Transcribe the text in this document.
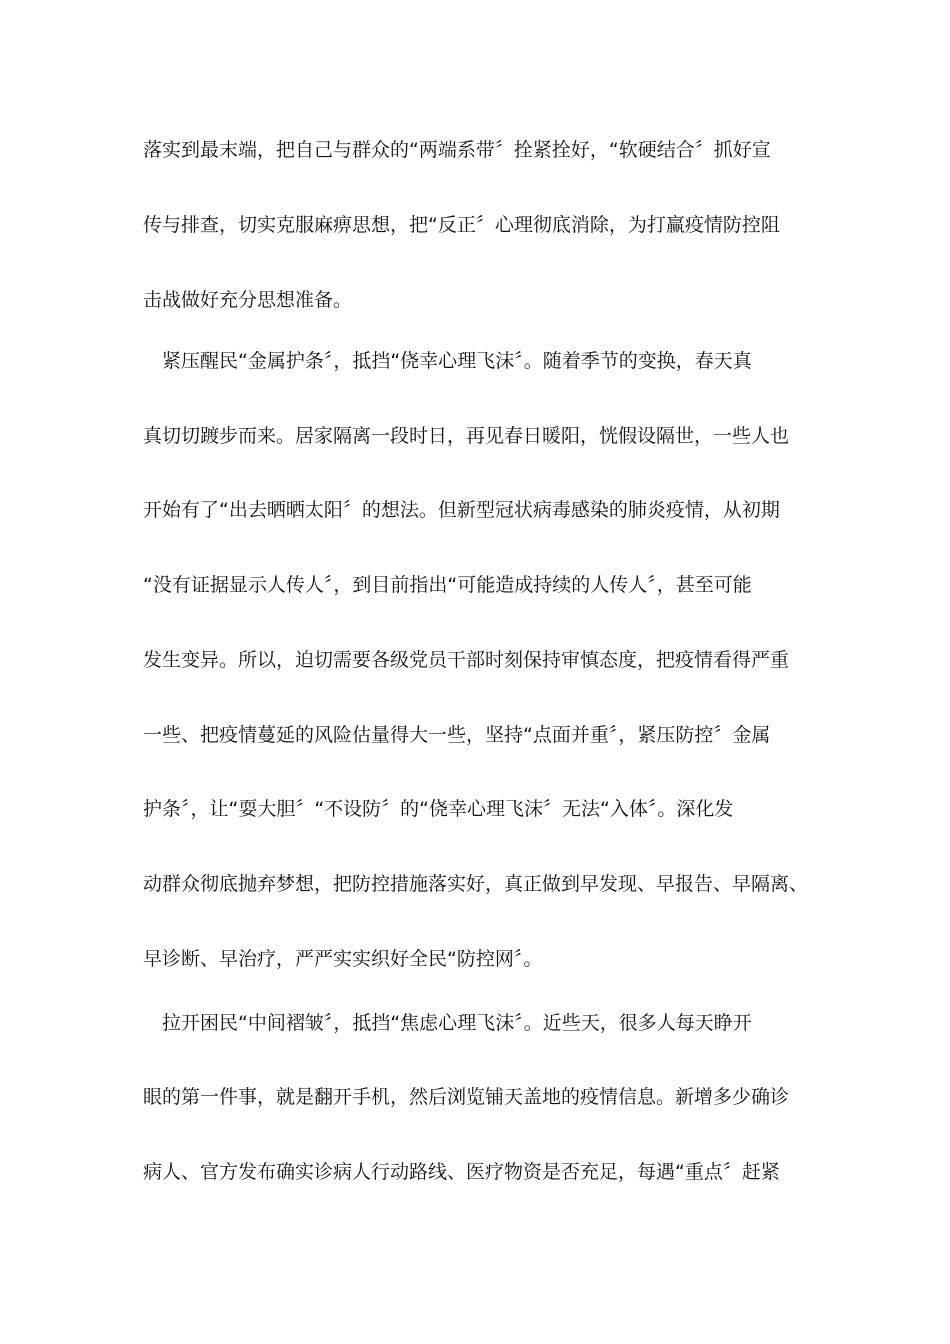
落实到最末端，把自己与群众的“两端系带〞拴紧拴好，“软硬结合〞抓好宣

传与排查，切实克服麻痹思想，把“反正〞心理彻底消除，为打赢疫情防控阻

击战做好充分思想准备。

　紧压醒民“金属护条〞，抵挡“侥幸心理飞沫〞。随着季节的变换，春天真

真切切踱步而来。居家隔离一段时日，再见春日暖阳，恍假设隔世，一些人也

开始有了“出去晒晒太阳〞的想法。但新型冠状病毒感染的肺炎疫情，从初期

“没有证据显示人传人〞，到目前指出“可能造成持续的人传人〞，甚至可能

发生变异。所以，迫切需要各级党员干部时刻保持审慎态度，把疫情看得严重

一些、把疫情蔓延的风险估量得大一些，坚持“点面并重〞，紧压防控〞金属

护条〞，让“耍大胆〞“不设防〞的“侥幸心理飞沫〞无法“入体〞。深化发

动群众彻底抛弃梦想，把防控措施落实好，真正做到早发现、早报告、早隔离、

早诊断、早治疗，严严实实织好全民“防控网〞。

　拉开困民“中间褶皱〞，抵挡“焦虑心理飞沫〞。近些天，很多人每天睁开

眼的第一件事，就是翻开手机，然后浏览铺天盖地的疫情信息。新增多少确诊

病人、官方发布确实诊病人行动路线、医疗物资是否充足，每遇“重点〞赶紧
